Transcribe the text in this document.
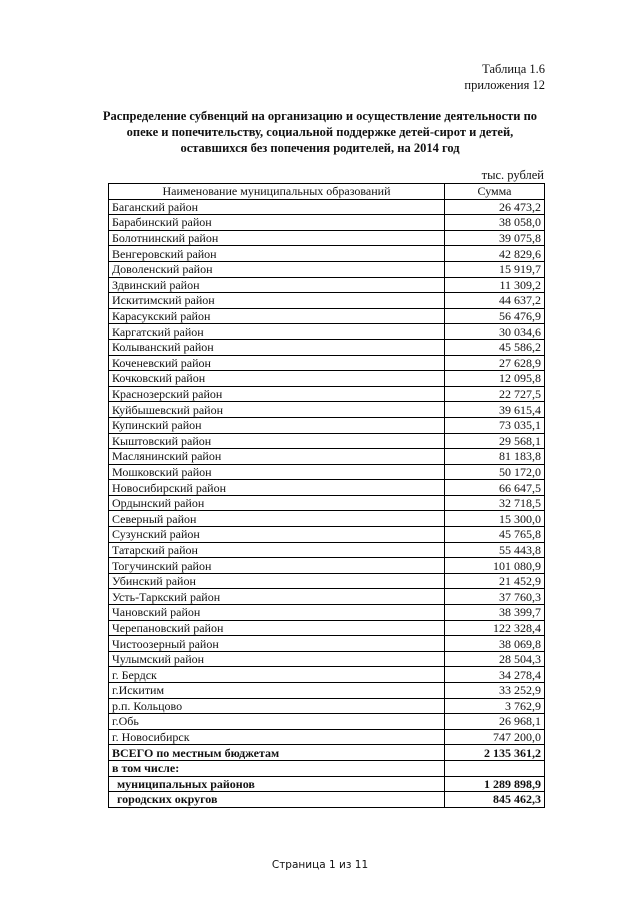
Таблица 1.6
приложения 12
Распределение субвенций на организацию и осуществление деятельности по
опеке и попечительству, социальной поддержке детей-сирот и детей,
оставшихся без попечения родителей, на 2014 год
тыс. рублей
Наименование муниципальных образований	Сумма
Баганский район	26 473,2
Барабинский район	38 058,0
Болотнинский район	39 075,8
Венгеровский район	42 829,6
Доволенский район	15 919,7
Здвинский район	11 309,2
Искитимский район	44 637,2
Карасукский район	56 476,9
Каргатский район	30 034,6
Колыванский район	45 586,2
Коченевский район	27 628,9
Кочковский район	12 095,8
Краснозерский район	22 727,5
Куйбышевский район	39 615,4
Купинский район	73 035,1
Кыштовский район	29 568,1
Маслянинский район	81 183,8
Мошковский район	50 172,0
Новосибирский район	66 647,5
Ордынский район	32 718,5
Северный район	15 300,0
Сузунский район	45 765,8
Татарский район	55 443,8
Тогучинский район	101 080,9
Убинский район	21 452,9
Усть-Таркский район	37 760,3
Чановский район	38 399,7
Черепановский район	122 328,4
Чистоозерный район	38 069,8
Чулымский район	28 504,3
г. Бердск	34 278,4
г.Искитим	33 252,9
р.п. Кольцово	3 762,9
г.Обь	26 968,1
г. Новосибирск	747 200,0
ВСЕГО по местным бюджетам	2 135 361,2
в том числе:	
муниципальных районов	1 289 898,9
городских округов	845 462,3
Страница 1 из 11
